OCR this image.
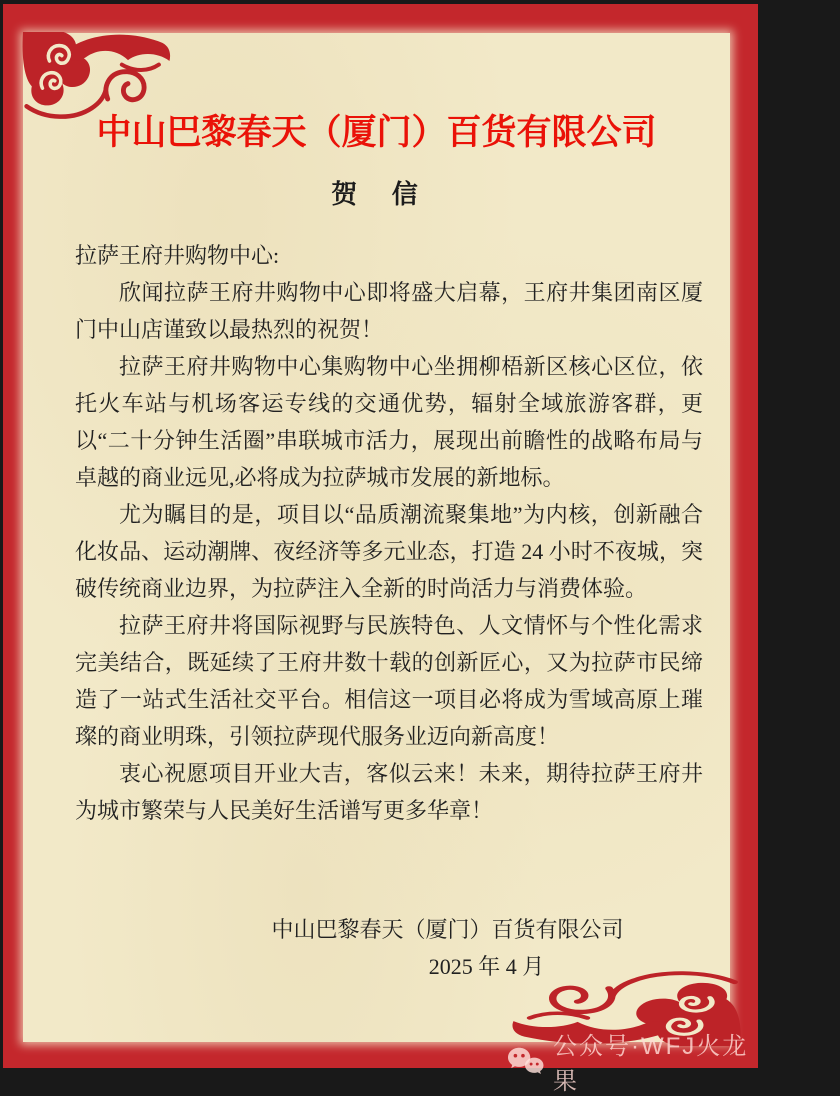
中山巴黎春天（厦门）百货有限公司
贺 信

拉萨王府井购物中心:

欣闻拉萨王府井购物中心即将盛大启幕，王府井集团南区厦门中山店谨致以最热烈的祝贺！

拉萨王府井购物中心集购物中心坐拥柳梧新区核心区位，依托火车站与机场客运专线的交通优势，辐射全域旅游客群，更以“二十分钟生活圈”串联城市活力，展现出前瞻性的战略布局与卓越的商业远见,必将成为拉萨城市发展的新地标。

尤为瞩目的是，项目以“品质潮流聚集地”为内核，创新融合化妆品、运动潮牌、夜经济等多元业态，打造 24 小时不夜城，突破传统商业边界，为拉萨注入全新的时尚活力与消费体验。

拉萨王府井将国际视野与民族特色、人文情怀与个性化需求完美结合，既延续了王府井数十载的创新匠心，又为拉萨市民缔造了一站式生活社交平台。相信这一项目必将成为雪域高原上璀璨的商业明珠，引领拉萨现代服务业迈向新高度！

衷心祝愿项目开业大吉，客似云来！未来，期待拉萨王府井为城市繁荣与人民美好生活谱写更多华章！

中山巴黎春天（厦门）百货有限公司
2025 年 4 月
公众号·WFJ火龙果
